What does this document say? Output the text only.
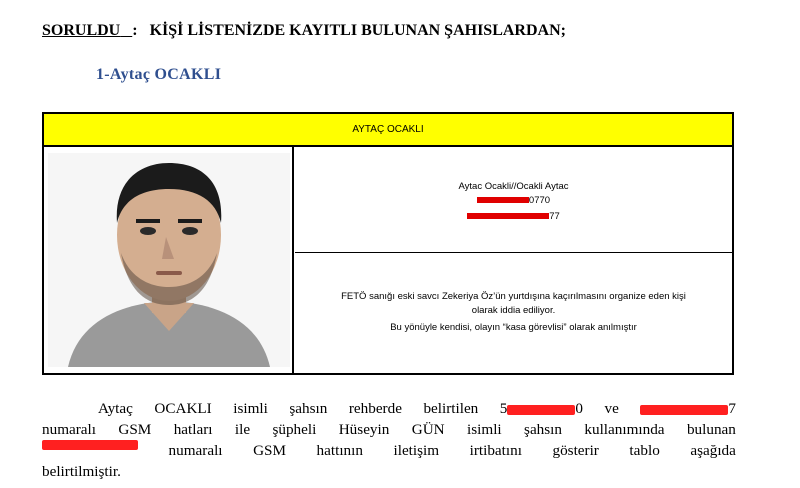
SORULDU : KİŞİ LİSTENİZDE KAYITLI BULUNAN ŞAHISLARDAN;
1-Aytaç OCAKLI
AYTAÇ OCAKLI
Aytac Ocakli//Ocakli Aytac
0770
77
FETÖ sanığı eski savcı Zekeriya Öz’ün yurtdışına kaçırılmasını organize eden kişi
olarak iddia ediliyor.
Bu yönüyle kendisi, olayın “kasa görevlisi” olarak anılmıştır
Aytaç OCAKLI isimli şahsın rehberde belirtilen 5	0 ve	7
numaralı GSM hatları ile şüpheli Hüseyin GÜN isimli şahsın kullanımında bulunan
numaralı GSM hattının iletişim irtibatını gösterir tablo aşağıda
belirtilmiştir.
